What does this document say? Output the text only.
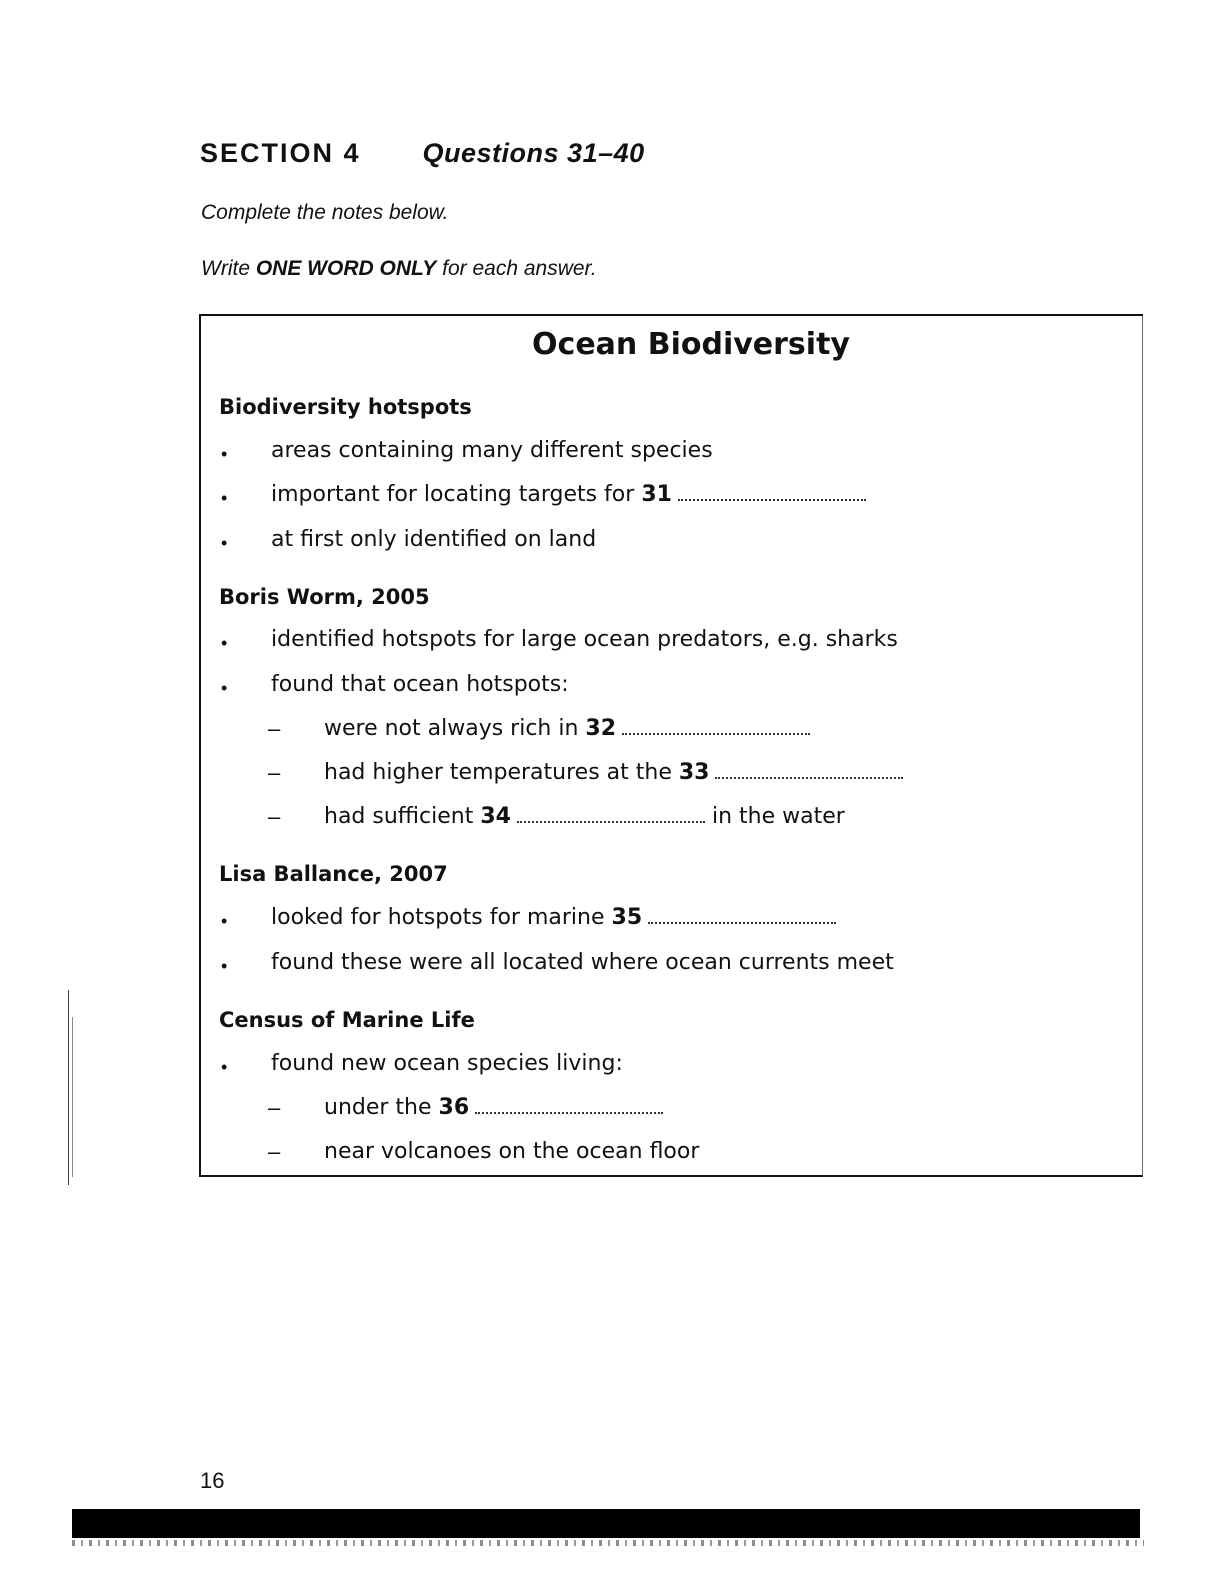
SECTION 4 Questions 31–40
Complete the notes below.
Write ONE WORD ONLY for each answer.
Ocean Biodiversity
Biodiversity hotspots
• areas containing many different species
• important for locating targets for 31
• at first only identified on land
Boris Worm, 2005
• identified hotspots for large ocean predators, e.g. sharks
• found that ocean hotspots:
– were not always rich in 32
– had higher temperatures at the 33
– had sufficient 34	in the water
Lisa Ballance, 2007
• looked for hotspots for marine 35
• found these were all located where ocean currents meet
Census of Marine Life
• found new ocean species living:
– under the 36
– near volcanoes on the ocean floor
16
